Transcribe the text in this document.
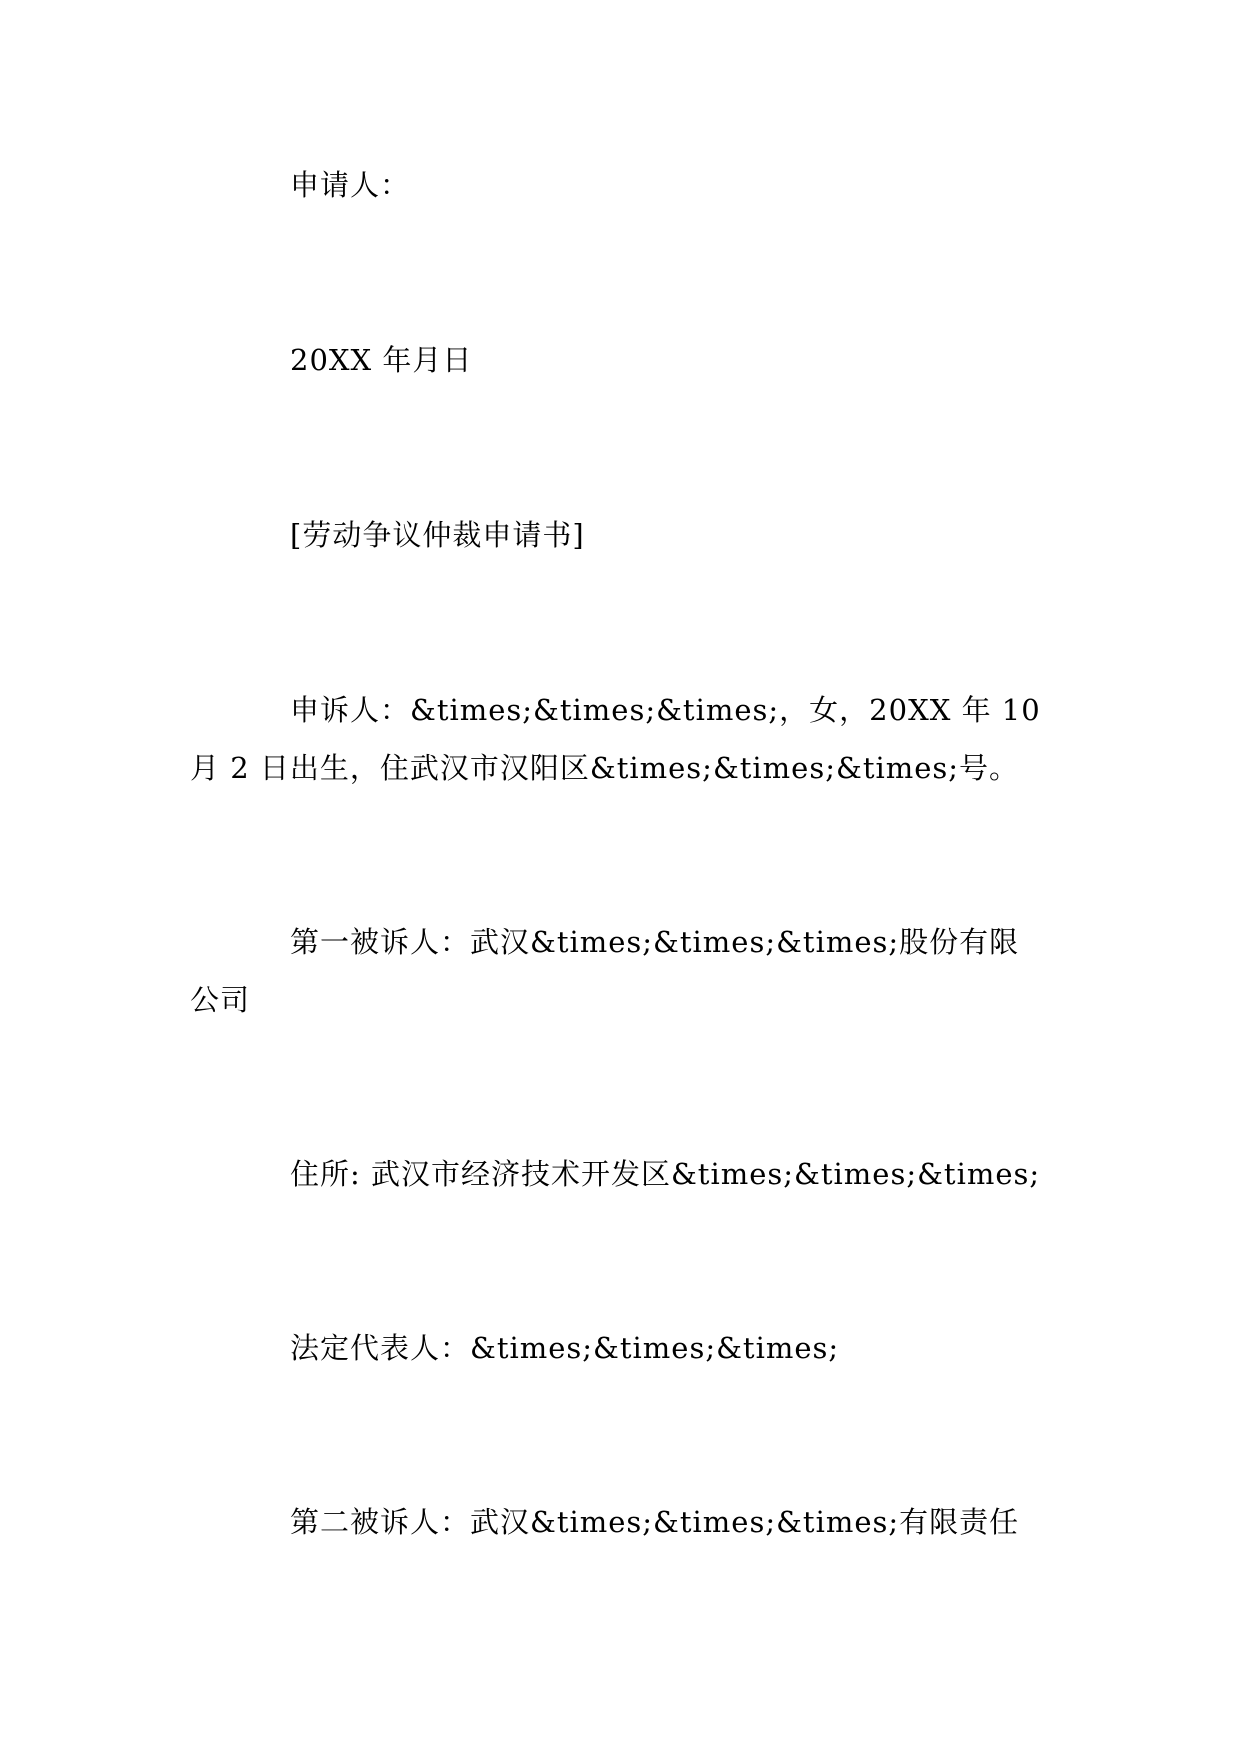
申请人：
20XX 年月日
[劳动争议仲裁申请书]
申诉人：&times;&times;&times;，女，20XX 年 10
月 2 日出生，住武汉市汉阳区&times;&times;&times;号。
第一被诉人：武汉&times;&times;&times;股份有限
公司
住所: 武汉市经济技术开发区&times;&times;&times;
法定代表人：&times;&times;&times;
第二被诉人：武汉&times;&times;&times;有限责任
